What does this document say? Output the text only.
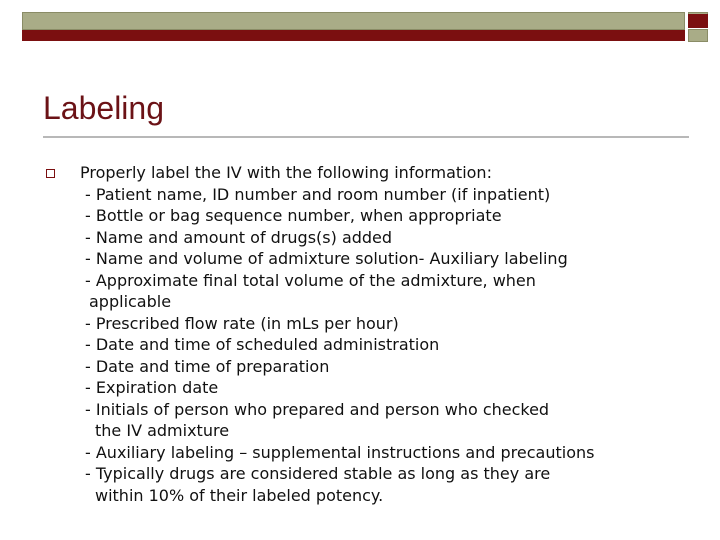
Labeling
Properly label the IV with the following information:
- Patient name, ID number and room number (if inpatient)
- Bottle or bag sequence number, when appropriate
- Name and amount of drugs(s) added
- Name and volume of admixture solution- Auxiliary labeling
- Approximate final total volume of the admixture, when
applicable
- Prescribed flow rate (in mLs per hour)
- Date and time of scheduled administration
- Date and time of preparation
- Expiration date
- Initials of person who prepared and person who checked
the IV admixture
- Auxiliary labeling – supplemental instructions and precautions
- Typically drugs are considered stable as long as they are
within 10% of their labeled potency.
